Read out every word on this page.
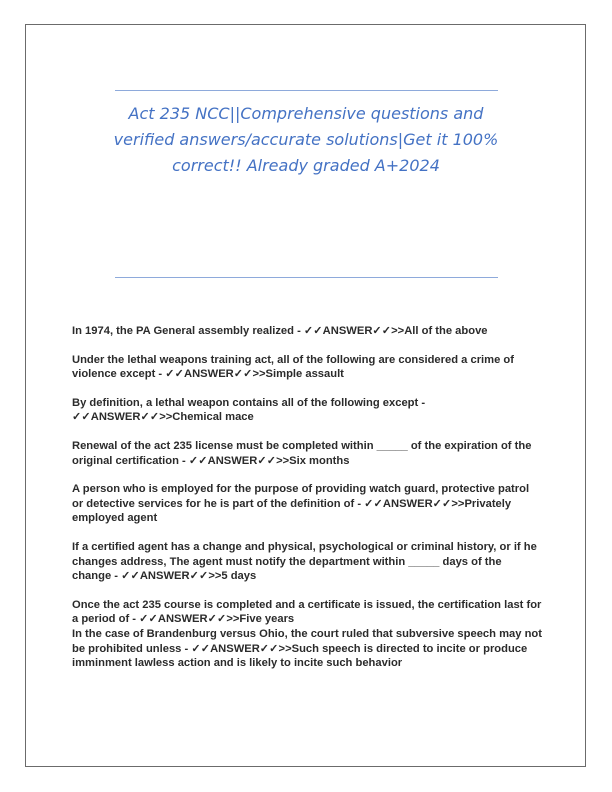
Act 235 NCC||Comprehensive questions and verified answers/accurate solutions|Get it 100% correct!! Already graded A+2024

In 1974, the PA General assembly realized - ✓✓ANSWER✓✓>>All of the above

Under the lethal weapons training act, all of the following are considered a crime of violence except - ✓✓ANSWER✓✓>>Simple assault

By definition, a lethal weapon contains all of the following except - ✓✓ANSWER✓✓>>Chemical mace

Renewal of the act 235 license must be completed within _____ of the expiration of the original certification - ✓✓ANSWER✓✓>>Six months

A person who is employed for the purpose of providing watch guard, protective patrol or detective services for he is part of the definition of - ✓✓ANSWER✓✓>>Privately employed agent

If a certified agent has a change and physical, psychological or criminal history, or if he changes address, The agent must notify the department within _____ days of the change - ✓✓ANSWER✓✓>>5 days

Once the act 235 course is completed and a certificate is issued, the certification last for a period of - ✓✓ANSWER✓✓>>Five years

In the case of Brandenburg versus Ohio, the court ruled that subversive speech may not be prohibited unless - ✓✓ANSWER✓✓>>Such speech is directed to incite or produce imminment lawless action and is likely to incite such behavior
